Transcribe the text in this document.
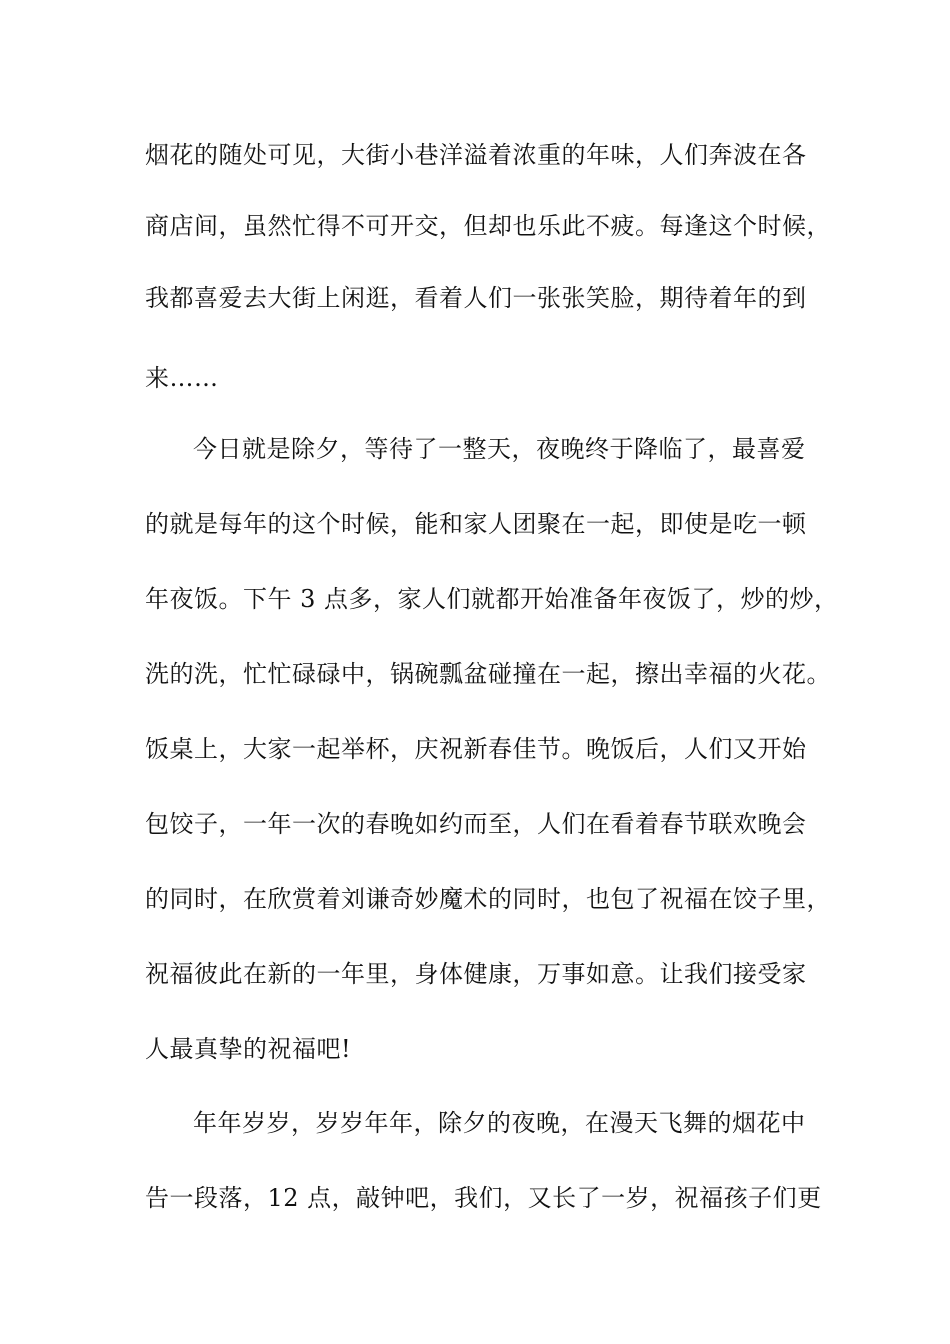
烟花的随处可见，大街小巷洋溢着浓重的年味，人们奔波在各
商店间，虽然忙得不可开交，但却也乐此不疲。每逢这个时候，
我都喜爱去大街上闲逛，看着人们一张张笑脸，期待着年的到
来……
今日就是除夕，等待了一整天，夜晚终于降临了，最喜爱
的就是每年的这个时候，能和家人团聚在一起，即使是吃一顿
年夜饭。下午 3 点多，家人们就都开始准备年夜饭了，炒的炒，
洗的洗，忙忙碌碌中，锅碗瓢盆碰撞在一起，擦出幸福的火花。
饭桌上，大家一起举杯，庆祝新春佳节。晚饭后，人们又开始
包饺子，一年一次的春晚如约而至，人们在看着春节联欢晚会
的同时，在欣赏着刘谦奇妙魔术的同时，也包了祝福在饺子里，
祝福彼此在新的一年里，身体健康，万事如意。让我们接受家
人最真挚的祝福吧!
年年岁岁，岁岁年年，除夕的夜晚，在漫天飞舞的烟花中
告一段落，12 点，敲钟吧，我们，又长了一岁，祝福孩子们更
